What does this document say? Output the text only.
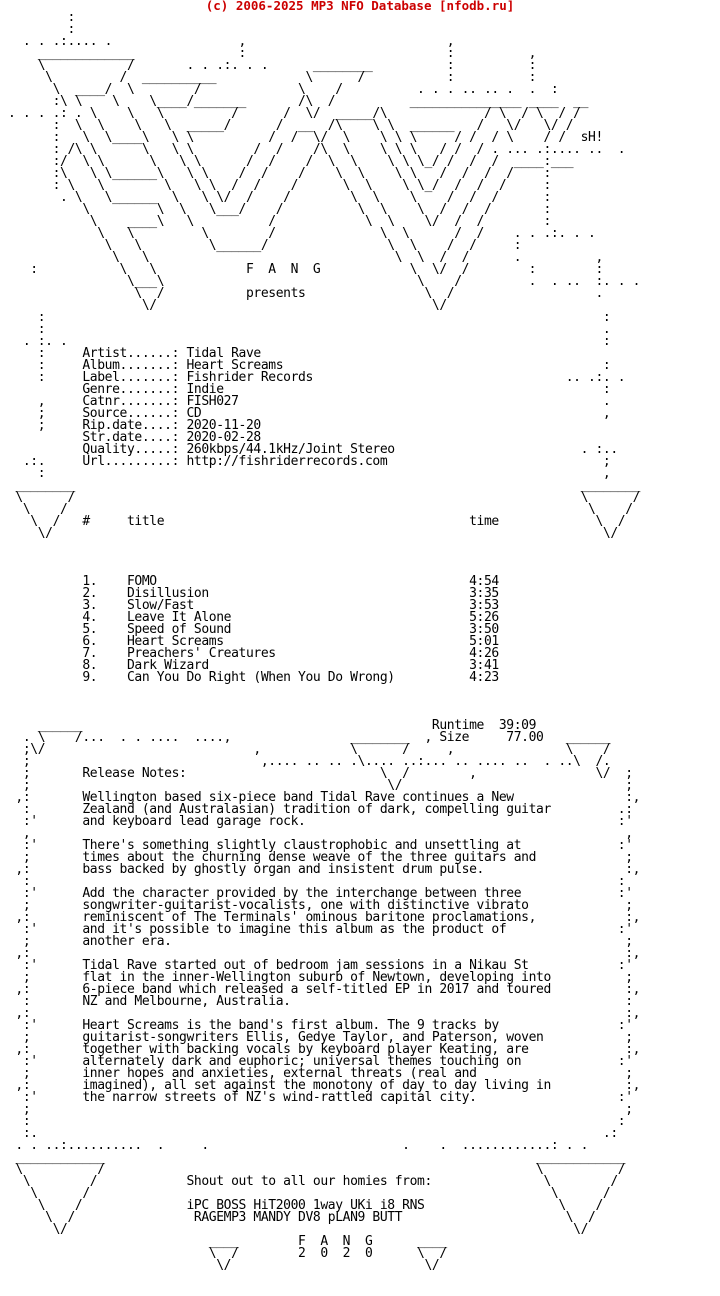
(c) 2006-2025 MP3 NFO Database [nfodb.ru]
:
:
. . .:.... .                 ,                           ,
_____________              :                           :          ,
\           /       . . .:. . .      ________          :          :
\         /  __________            \      /           :          :
\  ____/  \        /             \    /          . . . .. .. .  .  :
:\ \    \    \____/_______       /\  /          _______________ ____  __
. . . .: . \    \   \         /      /  \/  _____/\             / \  / \  / /
:  \  \    \   \  _____/      /  __  /\    \ \  ______   /   \/   \/ /
:   \  \____\   \ \          /  /  \/  \    \ \ \     / /  / \    / /  sH!
: /\ \      \   \ \        /  /    /\  \    \ \ \   / /  / . ... .:.... ..  .
:/  \ \      \   \ \      /  /    /  \  \    \ \ \_/ /  /  /  ____:___
:\   \ \______\   \ \    /  /    /    \  \    \ \   /  /  /  /    :
: \   \        \   \ \  /  /    /      \  \    \ \_/  /  /  /     :
. \   \______  \   \ \/  /    /        \  \    \    /  /  /      :
\         \  \   \___/    /          \  \    \  /  /  /       :
\    ____\   \          /            \  \    \/  /  /        :
\   \         \        /              \  \      /  /    . . .:. . .
\   \         \______/                \  \    /  /     :
\   \                                 \  \  /  /      .          ,
:           \   \            F  A  N  G            \  \/  /        :        :
\___\                                  \    /         .  . ..  :. . .
\  /           presents                \  /                   .
\/                                     \/
:                                                                           :
:                                                                           .
. :. .                                                                        :
:     Artist......: Tidal Rave
:     Album.......: Heart Screams                                           :
:     Label.......: Fishrider Records                                  .. .:. .
Genre.......: Indie                                                   :
,     Catnr.......: FISH027                                                 .
;     Source......: CD                                                      ,
;     Rip.date....: 2020-11-20
Str.date....: 2020-02-28
Quality.....: 260kbps/44.1kHz/Joint Stereo                         . :..
.:.     Url.........: http://fishriderrecords.com                             ;
:                                                                           ,
________                                                                    ________
\      /                                                                    \      /
\    /                                                                      \    /
\  /   #     title                                         time             \  /
\/                                                                          \/

1.    FOMO                                          4:54
2.    Disillusion                                   3:35
3.    Slow/Fast                                     3:53
4.    Leave It Alone                                5:26
5.    Speed of Sound                                3:50
6.    Heart Screams                                 5:01
7.    Preachers' Creatures                          4:26
8.    Dark Wizard                                   3:41
9.    Can You Do Right (When You Do Wrong)          4:23

______                                               Runtime  39:09
. \    /...  . . ....  ....,                ________  , Size     77.00   ______
;\/                            ,            \      /     ,               \    /
;                               ,.... .. .. .\.... ..:... .. .... ..  . ..\  /.
;       Release Notes:                          \  /        ,                \/  ;
;                                                \/                              ;
,:       Wellington based six-piece band Tidal Rave continues a New               :,
:       Zealand (and Australasian) tradition of dark, compelling guitar         .:
:'      and keyboard lead garage rock.                                          :'
,                                                                                ,
:'      There's something slightly claustrophobic and unsettling at             :'
;       times about the churning dense weave of the three guitars and            ;
,:       bass backed by ghostly organ and insistent drum pulse.                   :,
:                                                                               :
:'      Add the character provided by the interchange between three             :'
;       songwriter-guitarist-vocalists, one with distinctive vibrato             ;
,:       reminiscent of The Terminals' ominous baritone proclamations,            :,
:'      and it's possible to imagine this album as the product of               :'
;       another era.                                                             ;
,:                                                                                :,
:'      Tidal Rave started out of bedroom jam sessions in a Nikau St            :'
;       flat in the inner-Wellington suburb of Newtown, developing into          ;
,:       6-piece band which released a self-titled EP in 2017 and toured          :,
:       NZ and Melbourne, Australia.                                             :
,:                                                                                :,
:'      Heart Screams is the band's first album. The 9 tracks by                :'
;       guitarist-songwriters Ellis, Gedye Taylor, and Paterson, woven           ;
,:       together with backing vocals by keyboard player Keating, are             :,
:'      alternately dark and euphoric; universal themes touching on             :'
;       inner hopes and anxieties, external threats (real and                    ;
,:       imagined), all set against the monotony of day to day living in          :,
:'      the narrow streets of NZ's wind-rattled capital city.                   :'
;                                                                                ;
:                                                                               :
:.                                                                            .:
. . ..:..........  .     .                          .    .  ............: . .
____________                                                          ____________
\          /                                                          \          /
\        /            Shout out to all our homies from:               \        /
\      /                                                              \      /
\    /              iPC BOSS HiT2000 1way UKi i8 RNS                  \    /
\  /                RAGEMP3 MANDY DV8 pLAN9 BUTT                      \  /
\/                                                                    \/
____        F  A  N  G      ____
\  /        2  0  2  0      \  /
\/                          \/
